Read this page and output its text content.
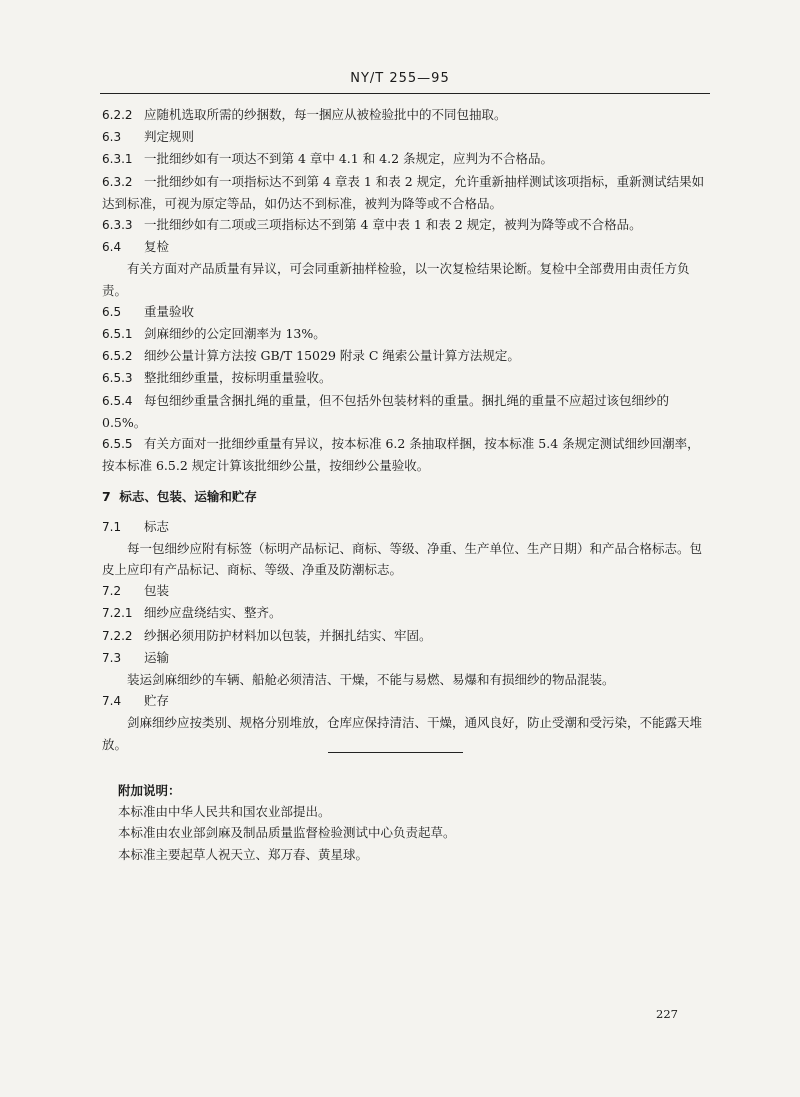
NY/T 255—95

6.2.2 应随机选取所需的纱捆数，每一捆应从被检验批中的不同包抽取。

6.3 判定规则

6.3.1 一批细纱如有一项达不到第 4 章中 4.1 和 4.2 条规定，应判为不合格品。

6.3.2 一批细纱如有一项指标达不到第 4 章表 1 和表 2 规定，允许重新抽样测试该项指标，重新测试结果如达到标准，可视为原定等品，如仍达不到标准，被判为降等或不合格品。

6.3.3 一批细纱如有二项或三项指标达不到第 4 章中表 1 和表 2 规定，被判为降等或不合格品。

6.4 复检

有关方面对产品质量有异议，可会同重新抽样检验，以一次复检结果论断。复检中全部费用由责任方负责。

6.5 重量验收

6.5.1 剑麻细纱的公定回潮率为 13%。

6.5.2 细纱公量计算方法按 GB/T 15029 附录 C 绳索公量计算方法规定。

6.5.3 整批细纱重量，按标明重量验收。

6.5.4 每包细纱重量含捆扎绳的重量，但不包括外包装材料的重量。捆扎绳的重量不应超过该包细纱的 0.5%。

6.5.5 有关方面对一批细纱重量有异议，按本标准 6.2 条抽取样捆，按本标准 5.4 条规定测试细纱回潮率，按本标准 6.5.2 规定计算该批细纱公量，按细纱公量验收。

7 标志、包装、运输和贮存

7.1 标志

每一包细纱应附有标签（标明产品标记、商标、等级、净重、生产单位、生产日期）和产品合格标志。包皮上应印有产品标记、商标、等级、净重及防潮标志。

7.2 包装

7.2.1 细纱应盘绕结实、整齐。

7.2.2 纱捆必须用防护材料加以包装，并捆扎结实、牢固。

7.3 运输

装运剑麻细纱的车辆、船舱必须清洁、干燥，不能与易燃、易爆和有损细纱的物品混装。

7.4 贮存

剑麻细纱应按类别、规格分别堆放，仓库应保持清洁、干燥，通风良好，防止受潮和受污染，不能露天堆放。

附加说明：
本标准由中华人民共和国农业部提出。
本标准由农业部剑麻及制品质量监督检验测试中心负责起草。
本标准主要起草人祝天立、郑万春、黄星球。
227
